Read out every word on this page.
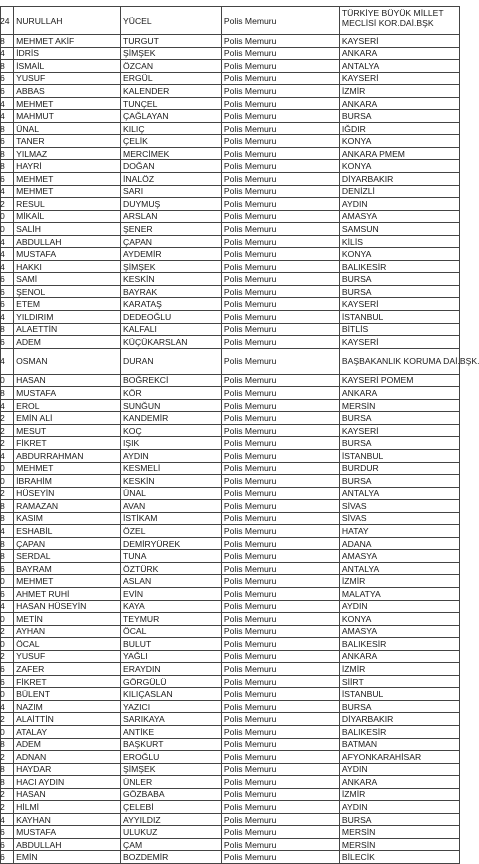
24	NURULLAH	YÜCEL	Polis Memuru	TÜRKİYE BÜYÜK MİLLET MECLİSİ KOR.DAİ.BŞK
8	MEHMET AKİF	TURGUT	Polis Memuru	KAYSERİ
4	İDRİS	ŞİMŞEK	Polis Memuru	ANKARA
8	İSMAİL	ÖZCAN	Polis Memuru	ANTALYA
6	YUSUF	ERGÜL	Polis Memuru	KAYSERİ
6	ABBAS	KALENDER	Polis Memuru	İZMİR
4	MEHMET	TUNÇEL	Polis Memuru	ANKARA
4	MAHMUT	ÇAĞLAYAN	Polis Memuru	BURSA
8	ÜNAL	KILIÇ	Polis Memuru	IĞDIR
6	TANER	ÇELİK	Polis Memuru	KONYA
8	YILMAZ	MERCİMEK	Polis Memuru	ANKARA PMEM
8	HAYRİ	DOĞAN	Polis Memuru	KONYA
6	MEHMET	İNALÖZ	Polis Memuru	DİYARBAKIR
4	MEHMET	SARI	Polis Memuru	DENİZLİ
2	RESUL	DUYMUŞ	Polis Memuru	AYDIN
0	MİKAİL	ARSLAN	Polis Memuru	AMASYA
0	SALİH	ŞENER	Polis Memuru	SAMSUN
4	ABDULLAH	ÇAPAN	Polis Memuru	KİLİS
4	MUSTAFA	AYDEMİR	Polis Memuru	KONYA
4	HAKKI	ŞİMŞEK	Polis Memuru	BALIKESİR
6	SAMİ	KESKİN	Polis Memuru	BURSA
6	ŞENOL	BAYRAK	Polis Memuru	BURSA
6	ETEM	KARATAŞ	Polis Memuru	KAYSERİ
4	YILDIRIM	DEDEOĞLU	Polis Memuru	İSTANBUL
8	ALAETTİN	KALFALI	Polis Memuru	BİTLİS
6	ADEM	KÜÇÜKARSLAN	Polis Memuru	KAYSERİ
4	OSMAN	DURAN	Polis Memuru	BAŞBAKANLIK KORUMA DAİ.BŞK.
0	HASAN	BOĞREKCİ	Polis Memuru	KAYSERİ POMEM
8	MUSTAFA	KÖR	Polis Memuru	ANKARA
4	EROL	SUNĞUN	Polis Memuru	MERSİN
2	EMİN ALİ	KANDEMİR	Polis Memuru	BURSA
2	MESUT	KOÇ	Polis Memuru	KAYSERİ
2	FİKRET	IŞIK	Polis Memuru	BURSA
4	ABDURRAHMAN	AYDIN	Polis Memuru	İSTANBUL
0	MEHMET	KESMELİ	Polis Memuru	BURDUR
0	İBRAHİM	KESKİN	Polis Memuru	BURSA
2	HÜSEYİN	ÜNAL	Polis Memuru	ANTALYA
8	RAMAZAN	AVAN	Polis Memuru	SİVAS
8	KASIM	İSTİKAM	Polis Memuru	SİVAS
4	ESHABİL	ÖZEL	Polis Memuru	HATAY
8	ÇAPAN	DEMİRYÜREK	Polis Memuru	ADANA
8	SERDAL	TUNA	Polis Memuru	AMASYA
6	BAYRAM	ÖZTÜRK	Polis Memuru	ANTALYA
0	MEHMET	ASLAN	Polis Memuru	İZMİR
6	AHMET RUHİ	EVİN	Polis Memuru	MALATYA
4	HASAN HÜSEYİN	KAYA	Polis Memuru	AYDIN
0	METİN	TEYMUR	Polis Memuru	KONYA
2	AYHAN	ÖCAL	Polis Memuru	AMASYA
0	ÖCAL	BULUT	Polis Memuru	BALIKESİR
2	YUSUF	YAĞLI	Polis Memuru	ANKARA
6	ZAFER	ERAYDIN	Polis Memuru	İZMİR
6	FİKRET	GÖRGÜLÜ	Polis Memuru	SİİRT
0	BÜLENT	KILIÇASLAN	Polis Memuru	İSTANBUL
4	NAZIM	YAZICI	Polis Memuru	BURSA
2	ALAİTTİN	SARIKAYA	Polis Memuru	DİYARBAKIR
0	ATALAY	ANTİKE	Polis Memuru	BALIKESİR
8	ADEM	BAŞKURT	Polis Memuru	BATMAN
2	ADNAN	EROĞLU	Polis Memuru	AFYONKARAHİSAR
8	HAYDAR	ŞİMŞEK	Polis Memuru	AYDIN
8	HACI AYDIN	ÜNLER	Polis Memuru	ANKARA
2	HASAN	GÖZBABA	Polis Memuru	İZMİR
2	HİLMİ	ÇELEBİ	Polis Memuru	AYDIN
4	KAYHAN	AYYILDIZ	Polis Memuru	BURSA
6	MUSTAFA	ULUKUZ	Polis Memuru	MERSİN
6	ABDULLAH	ÇAM	Polis Memuru	MERSİN
6	EMİN	BOZDEMİR	Polis Memuru	BİLECİK
